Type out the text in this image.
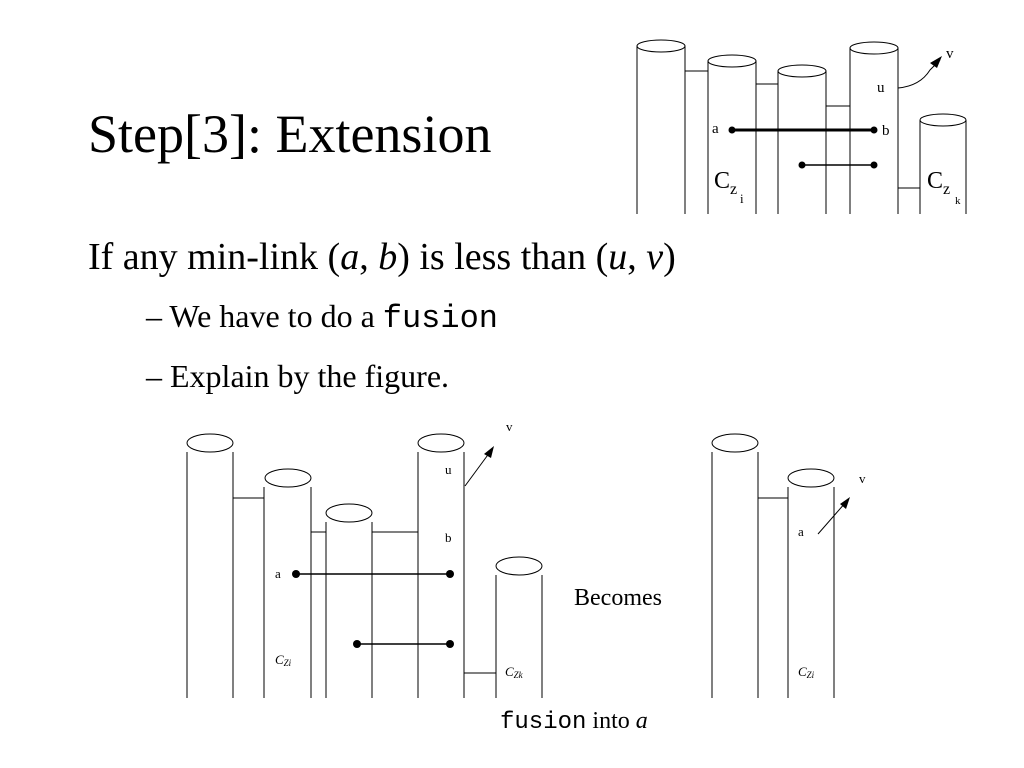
Step[3]: Extension
If any min-link (a, b) is less than (u, v)
– We have to do a fusion
– Explain by the figure.
v
u
a	b
C z
i
C z
k
v
u
b
a
CZi
CZk
Becomes
v
a
CZi
fusion into a
